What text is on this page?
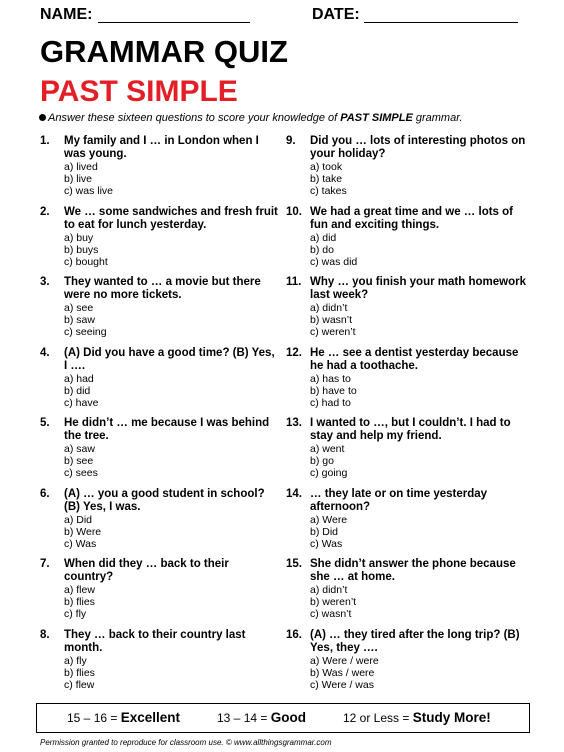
NAME:	DATE:
GRAMMAR QUIZ
PAST SIMPLE
Answer these sixteen questions to score your knowledge of PAST SIMPLE grammar.
1. My family and I … in London when I was young.
a) lived
b) live
c) was live
2. We … some sandwiches and fresh fruit to eat for lunch yesterday.
a) buy
b) buys
c) bought
3. They wanted to … a movie but there were no more tickets.
a) see
b) saw
c) seeing
4. (A) Did you have a good time? (B) Yes, I ….
a) had
b) did
c) have
5. He didn’t … me because I was behind the tree.
a) saw
b) see
c) sees
6. (A) … you a good student in school? (B) Yes, I was.
a) Did
b) Were
c) Was
7. When did they … back to their country?
a) flew
b) flies
c) fly
8. They … back to their country last month.
a) fly
b) flies
c) flew
9. Did you … lots of interesting photos on your holiday?
a) took
b) take
c) takes
10. We had a great time and we … lots of fun and exciting things.
a) did
b) do
c) was did
11. Why … you finish your math homework last week?
a) didn’t
b) wasn’t
c) weren’t
12. He … see a dentist yesterday because he had a toothache.
a) has to
b) have to
c) had to
13. I wanted to …, but I couldn’t. I had to stay and help my friend.
a) went
b) go
c) going
14. … they late or on time yesterday afternoon?
a) Were
b) Did
c) Was
15. She didn’t answer the phone because she … at home.
a) didn’t
b) weren’t
c) wasn’t
16. (A) … they tired after the long trip? (B) Yes, they ….
a) Were / were
b) Was / were
c) Were / was
15 – 16 = Excellent	13 – 14 = Good	12 or Less = Study More!
Permission granted to reproduce for classroom use. © www.allthingsgrammar.com
